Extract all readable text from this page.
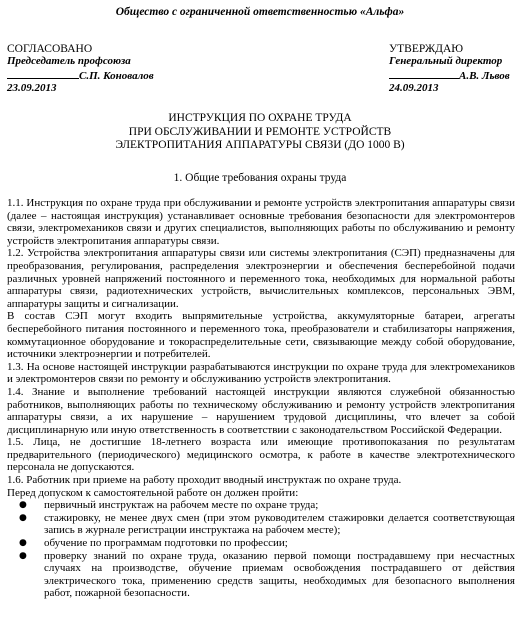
Общество с ограниченной ответственностью «Альфа»
СОГЛАСОВАНО
Председатель профсоюза
С.П. Коновалов
23.09.2013
УТВЕРЖДАЮ
Генеральный директор
А.В. Львов
24.09.2013
ИНСТРУКЦИЯ ПО ОХРАНЕ ТРУДА
ПРИ ОБСЛУЖИВАНИИ И РЕМОНТЕ УСТРОЙСТВ
ЭЛЕКТРОПИТАНИЯ АППАРАТУРЫ СВЯЗИ (ДО 1000 В)
1. Общие требования охраны труда

1.1. Инструкция по охране труда при обслуживании и ремонте устройств электропитания аппаратуры связи (далее – настоящая инструкция) устанавливает основные требования безопасности для электромонтеров связи, электромехаников связи и других специалистов, выполняющих работы по обслуживанию и ремонту устройств электропитания аппаратуры связи.

1.2. Устройства электропитания аппаратуры связи или системы электропитания (СЭП) предназначены для преобразования, регулирования, распределения электроэнергии и обеспечения бесперебойной подачи различных уровней напряжений постоянного и переменного тока, необходимых для нормальной работы аппаратуры связи, радиотехнических устройств, вычислительных комплексов, персональных ЭВМ, аппаратуры защиты и сигнализации.

В состав СЭП могут входить выпрямительные устройства, аккумуляторные батареи, агрегаты бесперебойного питания постоянного и переменного тока, преобразователи и стабилизаторы напряжения, коммутационное оборудование и токораспределительные сети, связывающие между собой оборудование, источники электроэнергии и потребителей.

1.3. На основе настоящей инструкции разрабатываются инструкции по охране труда для электромехаников и электромонтеров связи по ремонту и обслуживанию устройств электропитания.

1.4. Знание и выполнение требований настоящей инструкции являются служебной обязанностью работников, выполняющих работы по техническому обслуживанию и ремонту устройств электропитания аппаратуры связи, а их нарушение – нарушением трудовой дисциплины, что влечет за собой дисциплинарную или иную ответственность в соответствии с законодательством Российской Федерации.

1.5. Лица, не достигшие 18-летнего возраста или имеющие противопоказания по результатам предварительного (периодического) медицинского осмотра, к работе в качестве электротехнического персонала не допускаются.

1.6. Работник при приеме на работу проходит вводный инструктаж по охране труда.

Перед допуском к самостоятельной работе он должен пройти:

● первичный инструктаж на рабочем месте по охране труда;
● стажировку, не менее двух смен (при этом руководителем стажировки делается соответствующая запись в журнале регистрации инструктажа на рабочем месте);
● обучение по программам подготовки по профессии;
● проверку знаний по охране труда, оказанию первой помощи пострадавшему при несчастных случаях на производстве, обучение приемам освобождения пострадавшего от действия электрического тока, применению средств защиты, необходимых для безопасного выполнения работ, пожарной безопасности.
